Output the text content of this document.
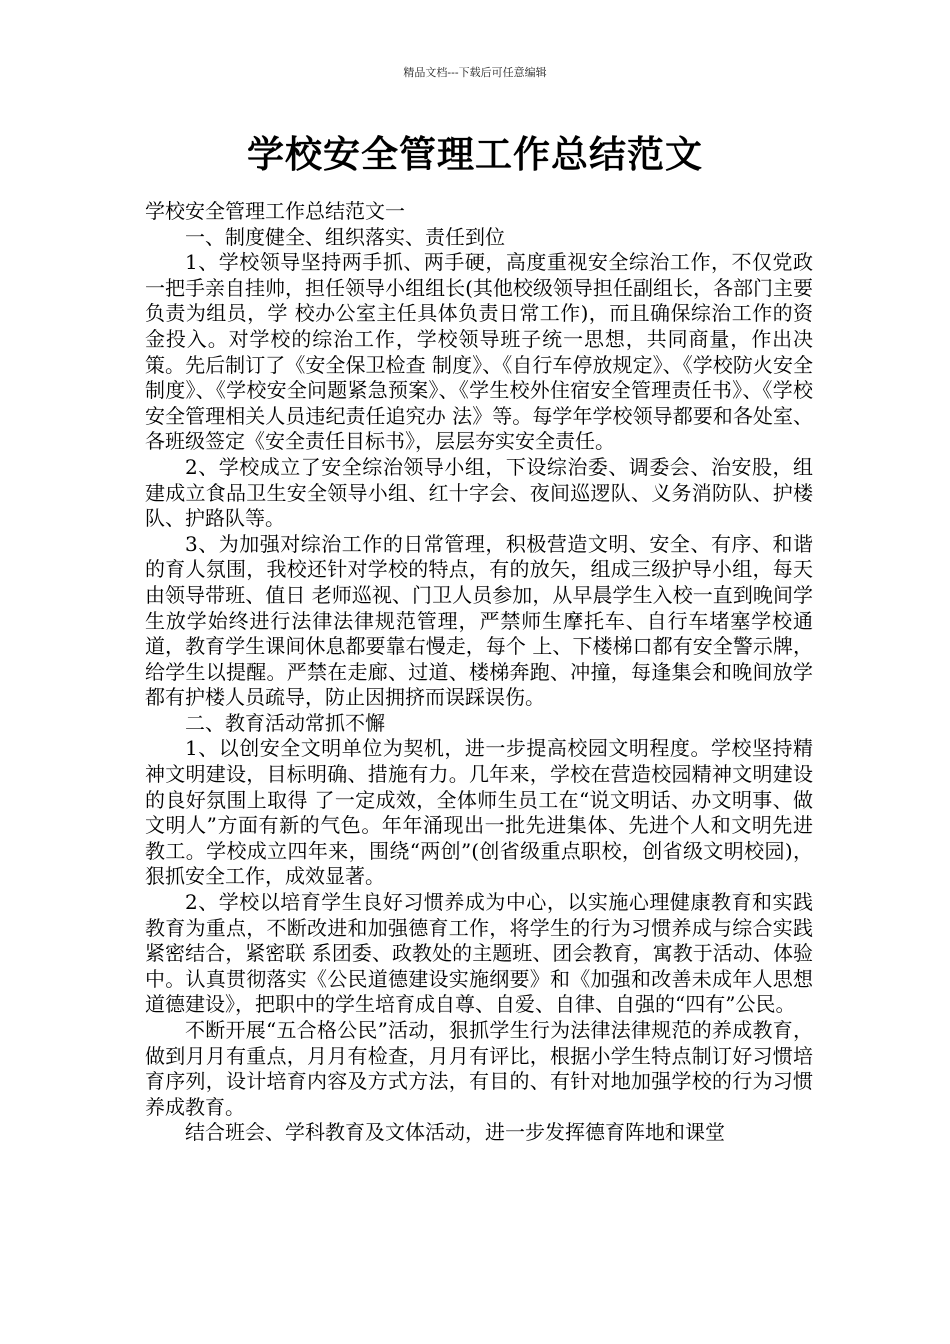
精品文档---下载后可任意编辑
学校安全管理工作总结范文

学校安全管理工作总结范文一

一、制度健全、组织落实、责任到位

1、学校领导坚持两手抓、两手硬，高度重视安全综治工作，不仅党政一把手亲自挂帅，担任领导小组组长(其他校级领导担任副组长，各部门主要负责为组员，学 校办公室主任具体负责日常工作)，而且确保综治工作的资金投入。对学校的综治工作，学校领导班子统一思想，共同商量，作出决策。先后制订了《安全保卫检查 制度》、《自行车停放规定》、《学校防火安全制度》、《学校安全问题紧急预案》、《学生校外住宿安全管理责任书》、《学校安全管理相关人员违纪责任追究办 法》等。每学年学校领导都要和各处室、各班级签定《安全责任目标书》，层层夯实安全责任。

2、学校成立了安全综治领导小组，下设综治委、调委会、治安股，组建成立食品卫生安全领导小组、红十字会、夜间巡逻队、义务消防队、护楼队、护路队等。

3、为加强对综治工作的日常管理，积极营造文明、安全、有序、和谐的育人氛围，我校还针对学校的特点，有的放矢，组成三级护导小组，每天由领导带班、值日 老师巡视、门卫人员参加，从早晨学生入校一直到晚间学生放学始终进行法律法律规范管理，严禁师生摩托车、自行车堵塞学校通道，教育学生课间休息都要靠右慢走，每个 上、下楼梯口都有安全警示牌，给学生以提醒。严禁在走廊、过道、楼梯奔跑、冲撞，每逢集会和晚间放学都有护楼人员疏导，防止因拥挤而误踩误伤。

二、教育活动常抓不懈

1、以创安全文明单位为契机，进一步提高校园文明程度。学校坚持精神文明建设，目标明确、措施有力。几年来，学校在营造校园精神文明建设的良好氛围上取得 了一定成效，全体师生员工在“说文明话、办文明事、做文明人”方面有新的气色。年年涌现出一批先进集体、先进个人和文明先进教工。学校成立四年来，围绕“两创”(创省级重点职校，创省级文明校园)，狠抓安全工作，成效显著。

2、学校以培育学生良好习惯养成为中心，以实施心理健康教育和实践教育为重点，不断改进和加强德育工作，将学生的行为习惯养成与综合实践紧密结合，紧密联 系团委、政教处的主题班、团会教育，寓教于活动、体验中。认真贯彻落实《公民道德建设实施纲要》和《加强和改善未成年人思想道德建设》，把职中的学生培育成自尊、自爱、自律、自强的“四有”公民。

不断开展“五合格公民”活动，狠抓学生行为法律法律规范的养成教育，做到月月有重点，月月有检查，月月有评比，根据小学生特点制订好习惯培育序列，设计培育内容及方式方法，有目的、有针对地加强学校的行为习惯养成教育。

结合班会、学科教育及文体活动，进一步发挥德育阵地和课堂
